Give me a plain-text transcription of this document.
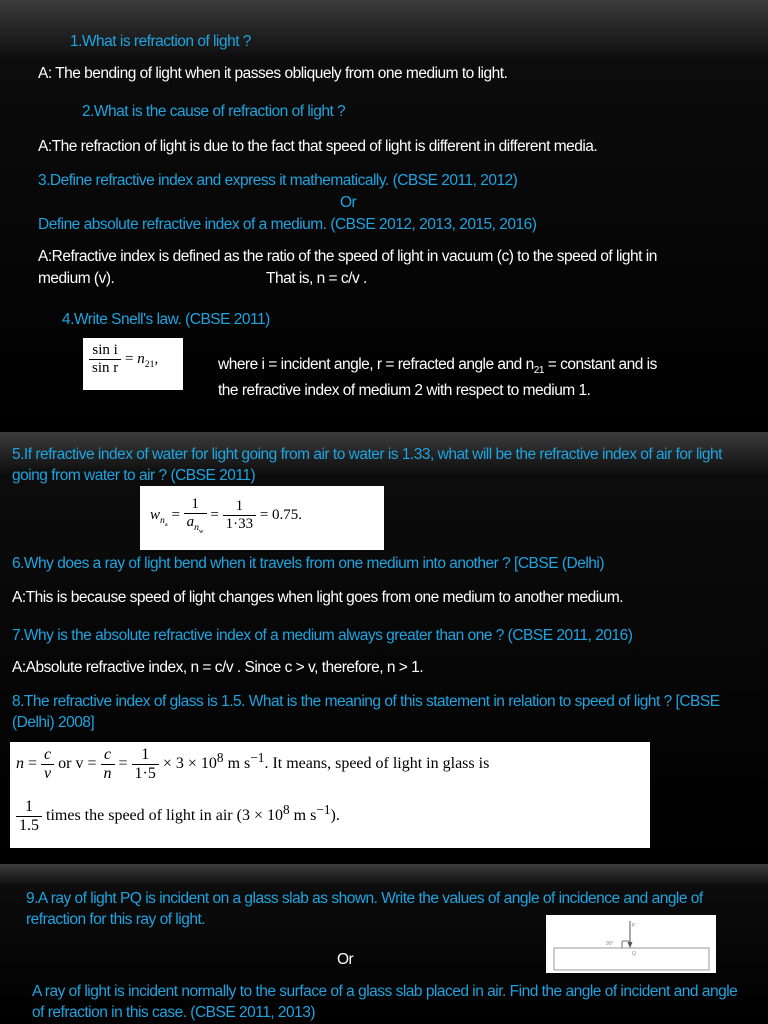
1.What is refraction of light ?

A: The bending of light when it passes obliquely from one medium to light.

2.What is the cause of refraction of light ?

A:The refraction of light is due to the fact that speed of light is different in different media.

3.Define refractive index and express it mathematically. (CBSE 2011, 2012)

Or

Define absolute refractive index of a medium. (CBSE 2012, 2013, 2015, 2016)

A:Refractive index is defined as the ratio of the speed of light in vacuum (c) to the speed of light in

medium (v).	That is, n = c/v .

4.Write Snell's law. (CBSE 2011)

$\frac{\text{sin i}}{\text{sin r}} = n_{21}$,	where i = incident angle, r = refracted angle and $n_{21}$ = constant and is

the refractive index of medium 2 with respect to medium 1.

5.If refractive index of water for light going from air to water is 1.33, what will be the refractive index of air for light going from water to air ? (CBSE 2011)

$w_{n_a} = \frac{1}{a_{n_w}} = \frac{1}{1\cdot 33} = 0.75$.

6.Why does a ray of light bend when it travels from one medium into another ? [CBSE (Delhi)

A:This is because speed of light changes when light goes from one medium to another medium.

7.Why is the absolute refractive index of a medium always greater than one ? (CBSE 2011, 2016)

A:Absolute refractive index, n = c/v . Since c > v, therefore, n > 1.

8.The refractive index of glass is 1.5. What is the meaning of this statement in relation to speed of light ? [CBSE (Delhi) 2008]

$n = \frac{c}{v}$ or $v = \frac{c}{n} = \frac{1}{1\cdot 5} \times 3 \times 10^8$ m $s^{-1}$. It means, speed of light in glass is
$\frac{1}{1.5}$ times the speed of light in air ($3 \times 10^8$ m $s^{-1}$).

9.A ray of light PQ is incident on a glass slab as shown. Write the values of angle of incidence and angle of refraction for this ray of light.

90°
P
Q

Or

A ray of light is incident normally to the surface of a glass slab placed in air. Find the angle of incident and angle of refraction in this case. (CBSE 2011, 2013)
